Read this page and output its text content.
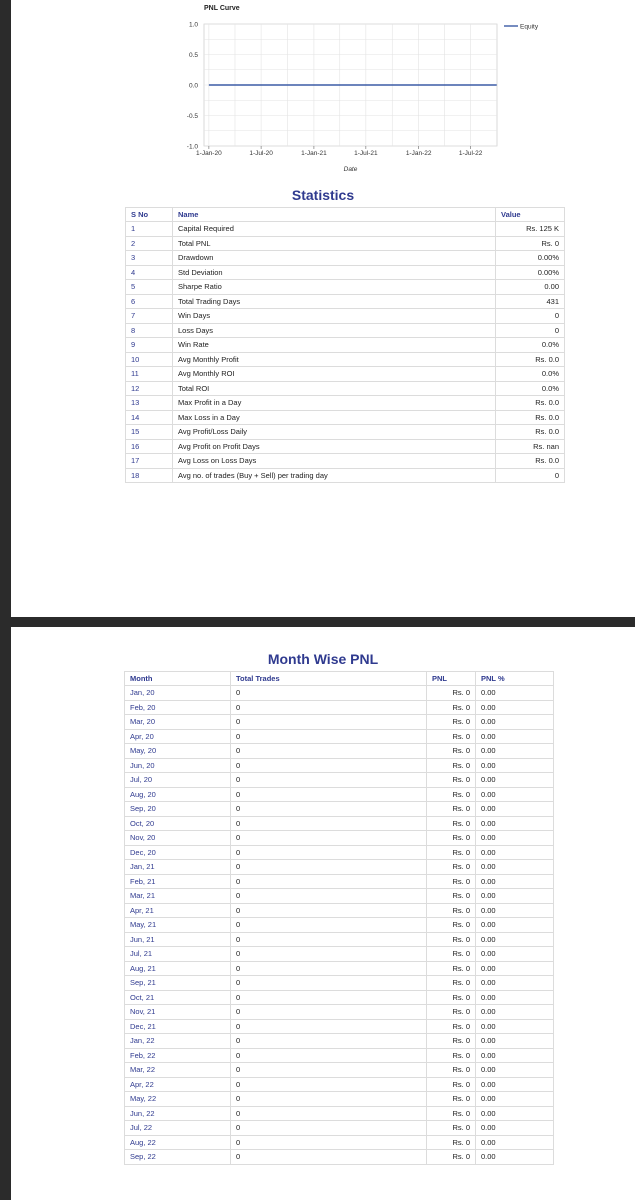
PNL Curve
1.0
0.5
0.0
-0.5
-1.0
1-Jan-20	1-Jul-20	1-Jan-21	1-Jul-21	1-Jan-22	1-Jul-22
Date
Equity
Statistics
S No	Name	Value
1	Capital Required	Rs. 125 K
2	Total PNL	Rs. 0
3	Drawdown	0.00%
4	Std Deviation	0.00%
5	Sharpe Ratio	0.00
6	Total Trading Days	431
7	Win Days	0
8	Loss Days	0
9	Win Rate	0.0%
10	Avg Monthly Profit	Rs. 0.0
11	Avg Monthly ROI	0.0%
12	Total ROI	0.0%
13	Max Profit in a Day	Rs. 0.0
14	Max Loss in a Day	Rs. 0.0
15	Avg Profit/Loss Daily	Rs. 0.0
16	Avg Profit on Profit Days	Rs. nan
17	Avg Loss on Loss Days	Rs. 0.0
18	Avg no. of trades (Buy + Sell) per trading day	0
Month Wise PNL
Month	Total Trades	PNL	PNL %
Jan, 20	0	Rs. 0	0.00
Feb, 20	0	Rs. 0	0.00
Mar, 20	0	Rs. 0	0.00
Apr, 20	0	Rs. 0	0.00
May, 20	0	Rs. 0	0.00
Jun, 20	0	Rs. 0	0.00
Jul, 20	0	Rs. 0	0.00
Aug, 20	0	Rs. 0	0.00
Sep, 20	0	Rs. 0	0.00
Oct, 20	0	Rs. 0	0.00
Nov, 20	0	Rs. 0	0.00
Dec, 20	0	Rs. 0	0.00
Jan, 21	0	Rs. 0	0.00
Feb, 21	0	Rs. 0	0.00
Mar, 21	0	Rs. 0	0.00
Apr, 21	0	Rs. 0	0.00
May, 21	0	Rs. 0	0.00
Jun, 21	0	Rs. 0	0.00
Jul, 21	0	Rs. 0	0.00
Aug, 21	0	Rs. 0	0.00
Sep, 21	0	Rs. 0	0.00
Oct, 21	0	Rs. 0	0.00
Nov, 21	0	Rs. 0	0.00
Dec, 21	0	Rs. 0	0.00
Jan, 22	0	Rs. 0	0.00
Feb, 22	0	Rs. 0	0.00
Mar, 22	0	Rs. 0	0.00
Apr, 22	0	Rs. 0	0.00
May, 22	0	Rs. 0	0.00
Jun, 22	0	Rs. 0	0.00
Jul, 22	0	Rs. 0	0.00
Aug, 22	0	Rs. 0	0.00
Sep, 22	0	Rs. 0	0.00
